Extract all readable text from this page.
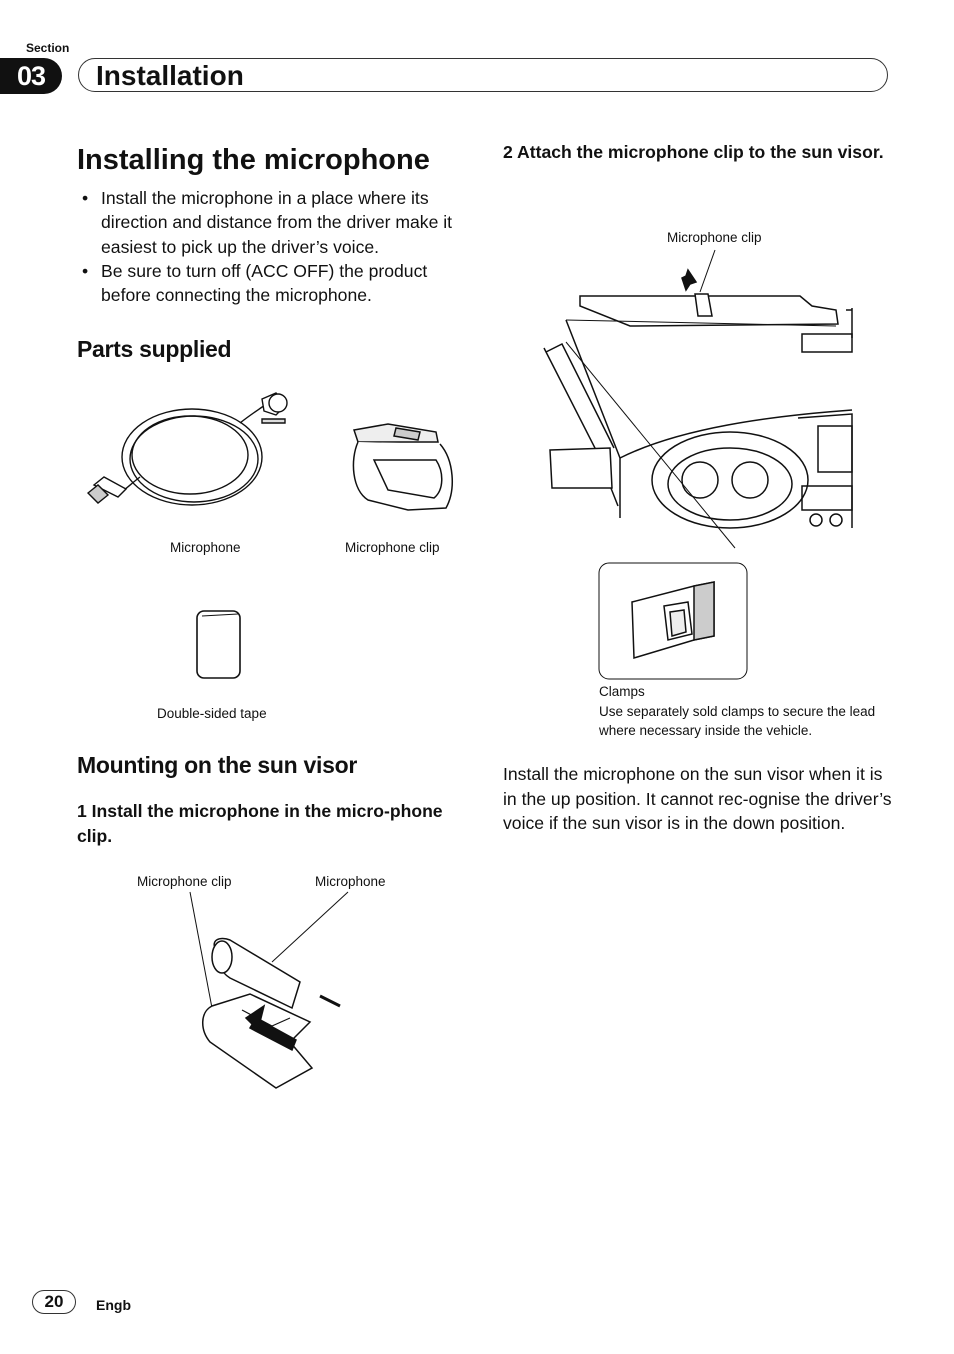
Section
03	Installation
Installing the microphone
• Install the microphone in a place where its direction and distance from the driver make it easiest to pick up the driver’s voice.
• Be sure to turn off (ACC OFF) the product before connecting the microphone.
Parts supplied
Microphone	Microphone clip
Double-sided tape
Mounting on the sun visor

1 Install the microphone in the micro-phone clip.

Microphone clip	Microphone

2 Attach the microphone clip to the sun visor.

Microphone clip
Clamps
Use separately sold clamps to secure the lead where necessary inside the vehicle.

Install the microphone on the sun visor when it is in the up position. It cannot rec-ognise the driver’s voice if the sun visor is in the down position.

20	Engb
